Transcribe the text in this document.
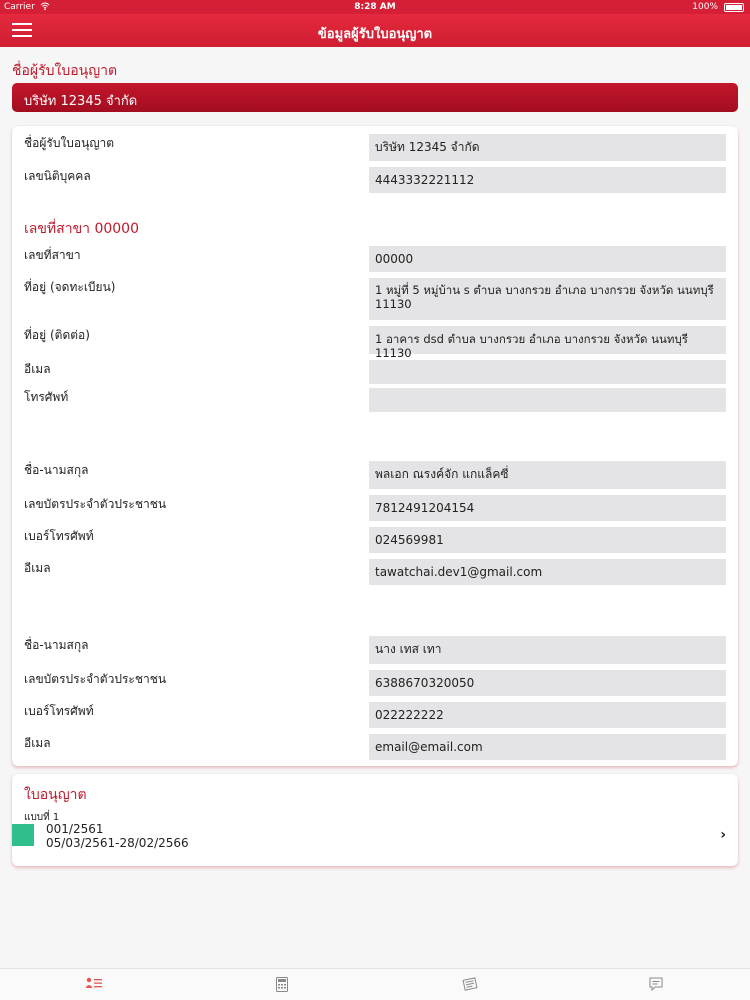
Carrier	8:28 AM	100%
ข้อมูลผู้รับใบอนุญาต
ชื่อผู้รับใบอนุญาต
บริษัท 12345 จำกัด
ชื่อผู้รับใบอนุญาต	บริษัท 12345 จำกัด
เลขนิติบุคคล	4443332221112
เลขที่สาขา 00000
เลขที่สาขา	00000
ที่อยู่ (จดทะเบียน)	1 หมู่ที่ 5 หมู่บ้าน s ตำบล บางกรวย อำเภอ บางกรวย จังหวัด นนทบุรี 11130
ที่อยู่ (ติดต่อ)	1 อาคาร dsd ตำบล บางกรวย อำเภอ บางกรวย จังหวัด นนทบุรี 11130
อีเมล
โทรศัพท์
ชื่อ-นามสกุล	พลเอก ณรงค์จัก แกแล็คซี่
เลขบัตรประจำตัวประชาชน	7812491204154
เบอร์โทรศัพท์	024569981
อีเมล	tawatchai.dev1@gmail.com
ชื่อ-นามสกุล	นาง เทส เทา
เลขบัตรประจำตัวประชาชน	6388670320050
เบอร์โทรศัพท์	022222222
อีเมล	email@email.com
ใบอนุญาต
แบบที่ 1
001/2561
05/03/2561-28/02/2566	›
